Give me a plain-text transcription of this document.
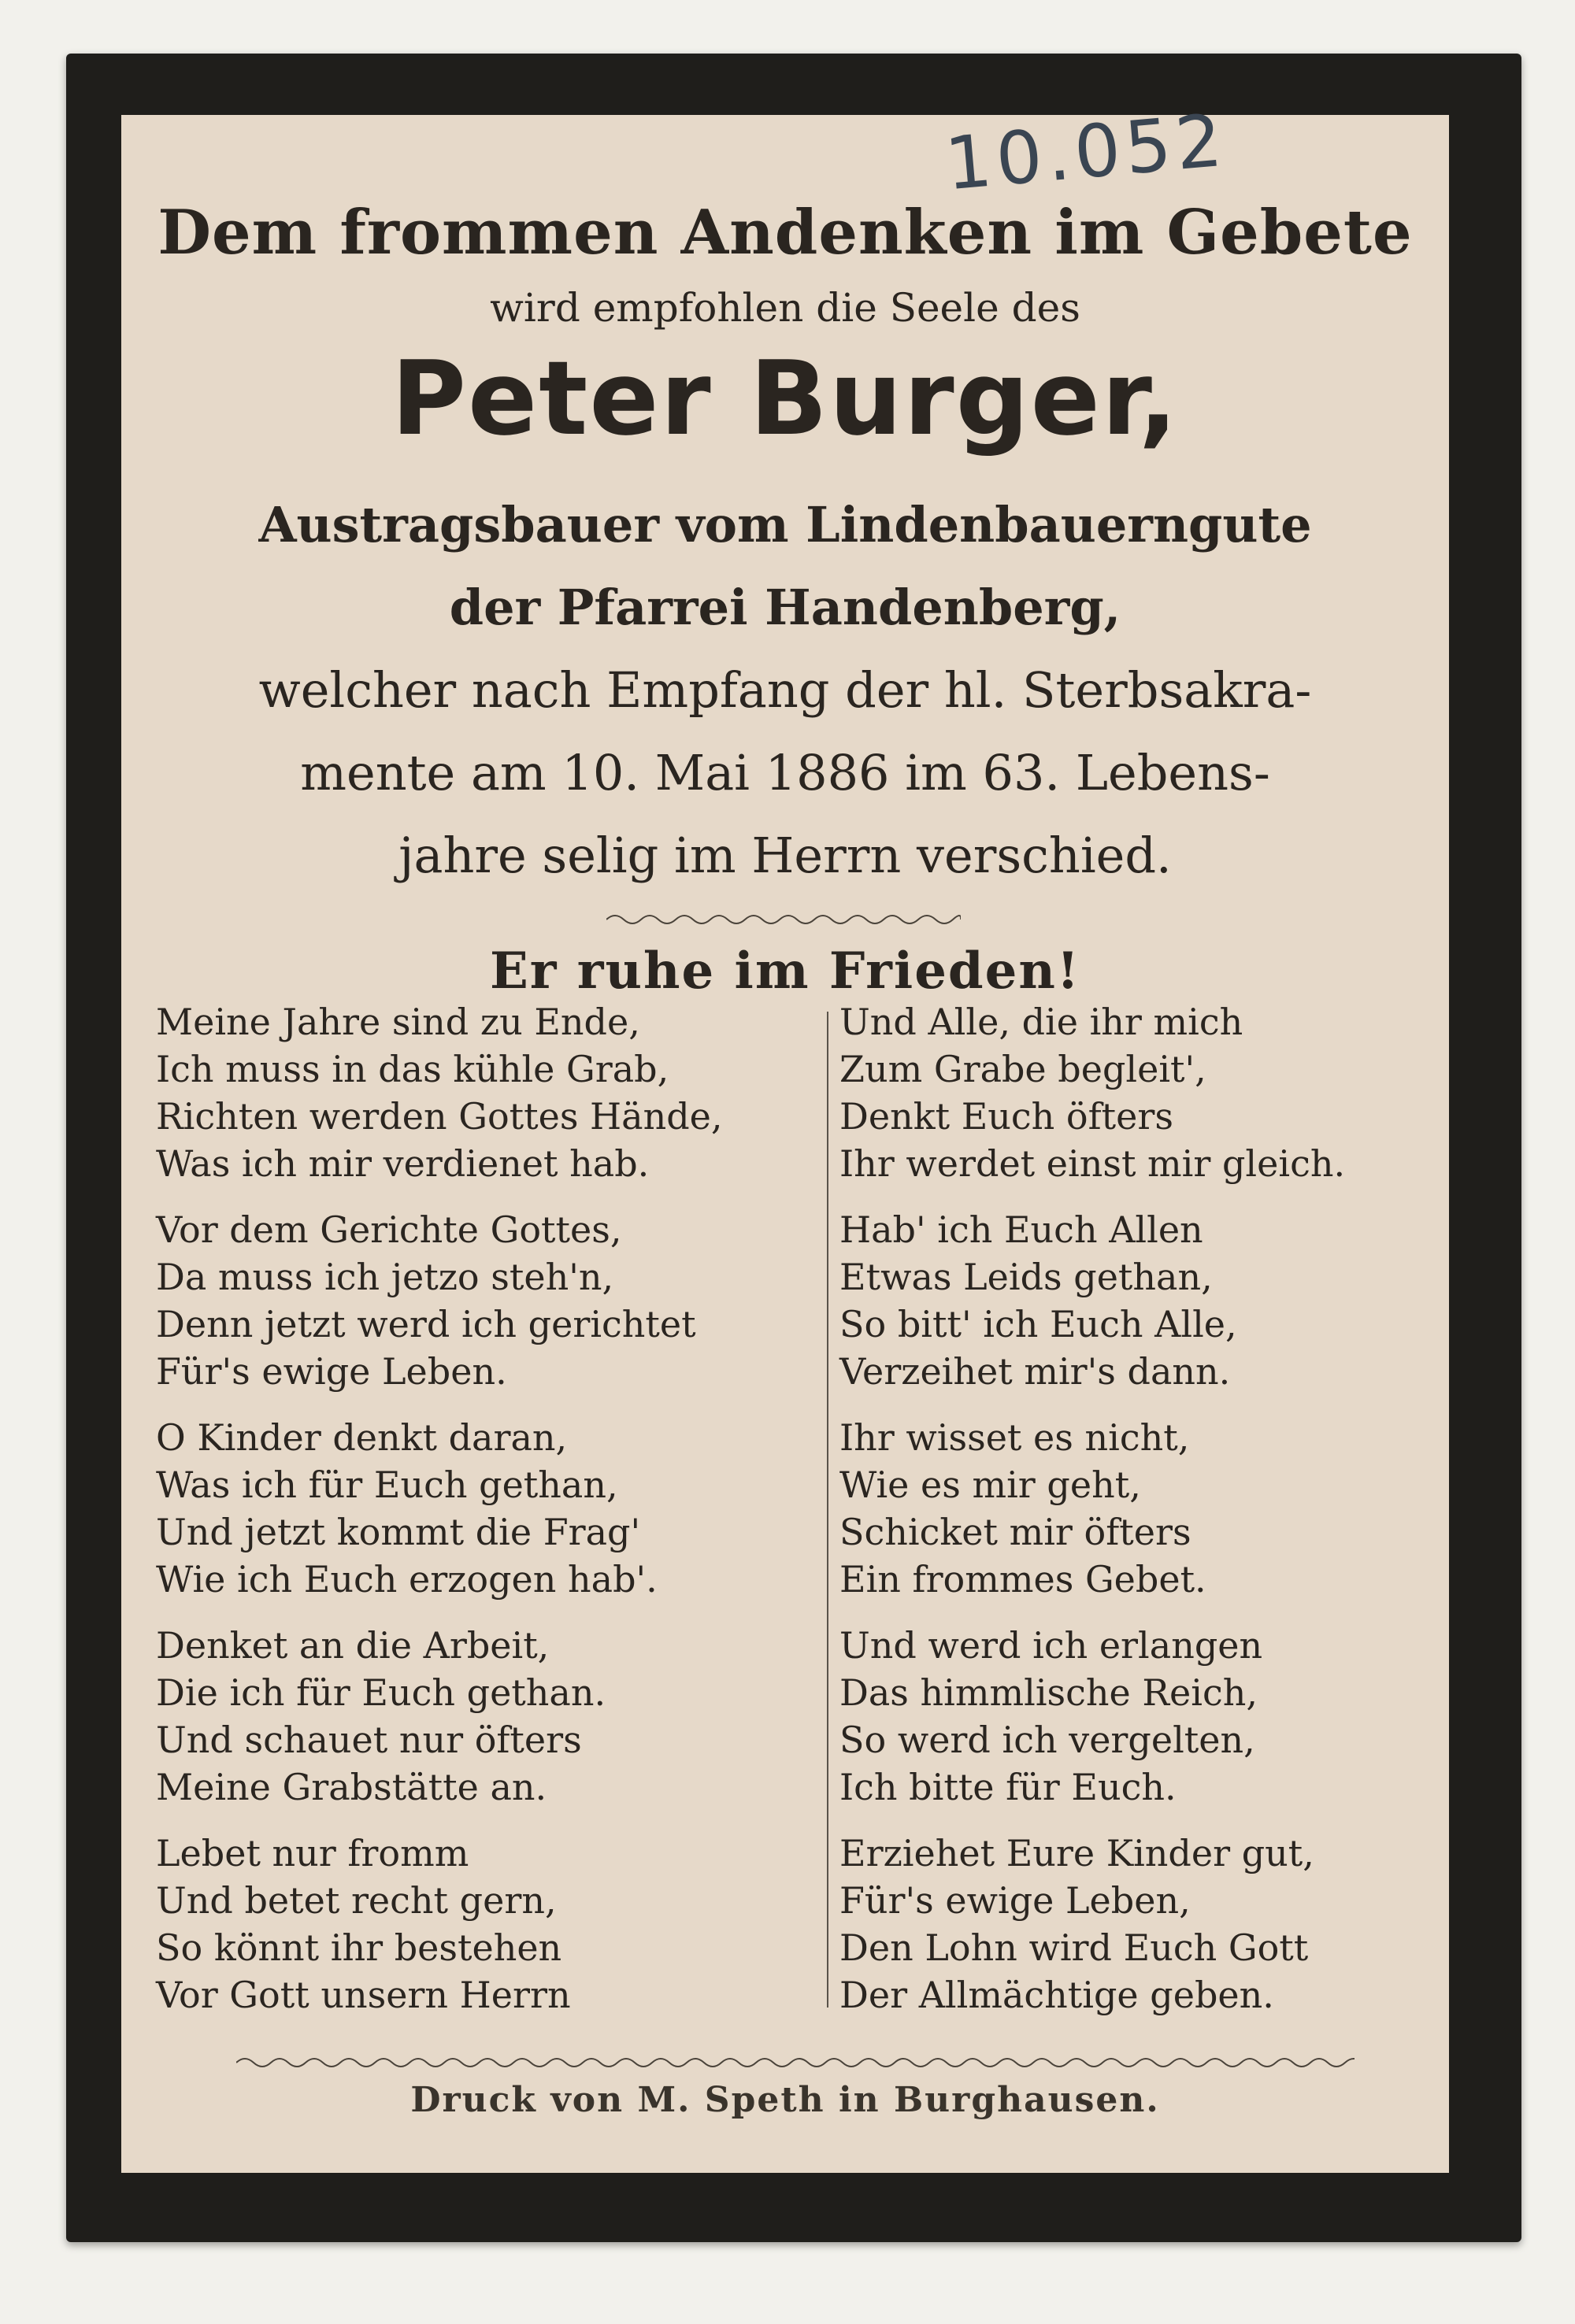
10.052
Dem frommen Andenken im Gebete
wird empfohlen die Seele des
Peter Burger,
Austragsbauer vom Lindenbauerngute
der Pfarrei Handenberg,
welcher nach Empfang der hl. Sterbsakra-
mente am 10. Mai 1886 im 63. Lebens-
jahre selig im Herrn verschied.
Er ruhe im Frieden!
Meine Jahre sind zu Ende,
Ich muss in das kühle Grab,
Richten werden Gottes Hände,
Was ich mir verdienet hab.
Vor dem Gerichte Gottes,
Da muss ich jetzo steh'n,
Denn jetzt werd ich gerichtet
Für's ewige Leben.
O Kinder denkt daran,
Was ich für Euch gethan,
Und jetzt kommt die Frag'
Wie ich Euch erzogen hab'.
Denket an die Arbeit,
Die ich für Euch gethan.
Und schauet nur öfters
Meine Grabstätte an.
Lebet nur fromm
Und betet recht gern,
So könnt ihr bestehen
Vor Gott unsern Herrn
Und Alle, die ihr mich
Zum Grabe begleit',
Denkt Euch öfters
Ihr werdet einst mir gleich.
Hab' ich Euch Allen
Etwas Leids gethan,
So bitt' ich Euch Alle,
Verzeihet mir's dann.
Ihr wisset es nicht,
Wie es mir geht,
Schicket mir öfters
Ein frommes Gebet.
Und werd ich erlangen
Das himmlische Reich,
So werd ich vergelten,
Ich bitte für Euch.
Erziehet Eure Kinder gut,
Für's ewige Leben,
Den Lohn wird Euch Gott
Der Allmächtige geben.
Druck von M. Speth in Burghausen.
